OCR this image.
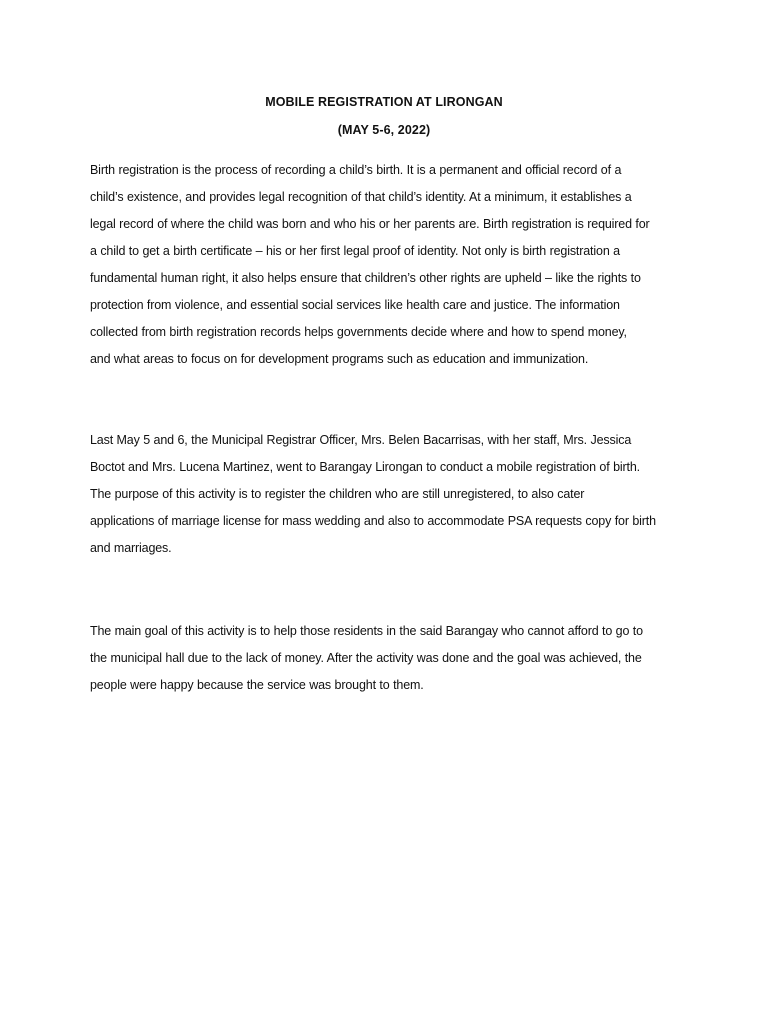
MOBILE REGISTRATION AT LIRONGAN
(MAY 5-6, 2022)
Birth registration is the process of recording a child’s birth. It is a permanent and official record of a
child’s existence, and provides legal recognition of that child’s identity. At a minimum, it establishes a
legal record of where the child was born and who his or her parents are. Birth registration is required for
a child to get a birth certificate – his or her first legal proof of identity. Not only is birth registration a
fundamental human right, it also helps ensure that children’s other rights are upheld – like the rights to
protection from violence, and essential social services like health care and justice. The information
collected from birth registration records helps governments decide where and how to spend money,
and what areas to focus on for development programs such as education and immunization.
Last May 5 and 6, the Municipal Registrar Officer, Mrs. Belen Bacarrisas, with her staff, Mrs. Jessica
Boctot and Mrs. Lucena Martinez, went to Barangay Lirongan to conduct a mobile registration of birth.
The purpose of this activity is to register the children who are still unregistered, to also cater
applications of marriage license for mass wedding and also to accommodate PSA requests copy for birth
and marriages.
The main goal of this activity is to help those residents in the said Barangay who cannot afford to go to
the municipal hall due to the lack of money. After the activity was done and the goal was achieved, the
people were happy because the service was brought to them.
